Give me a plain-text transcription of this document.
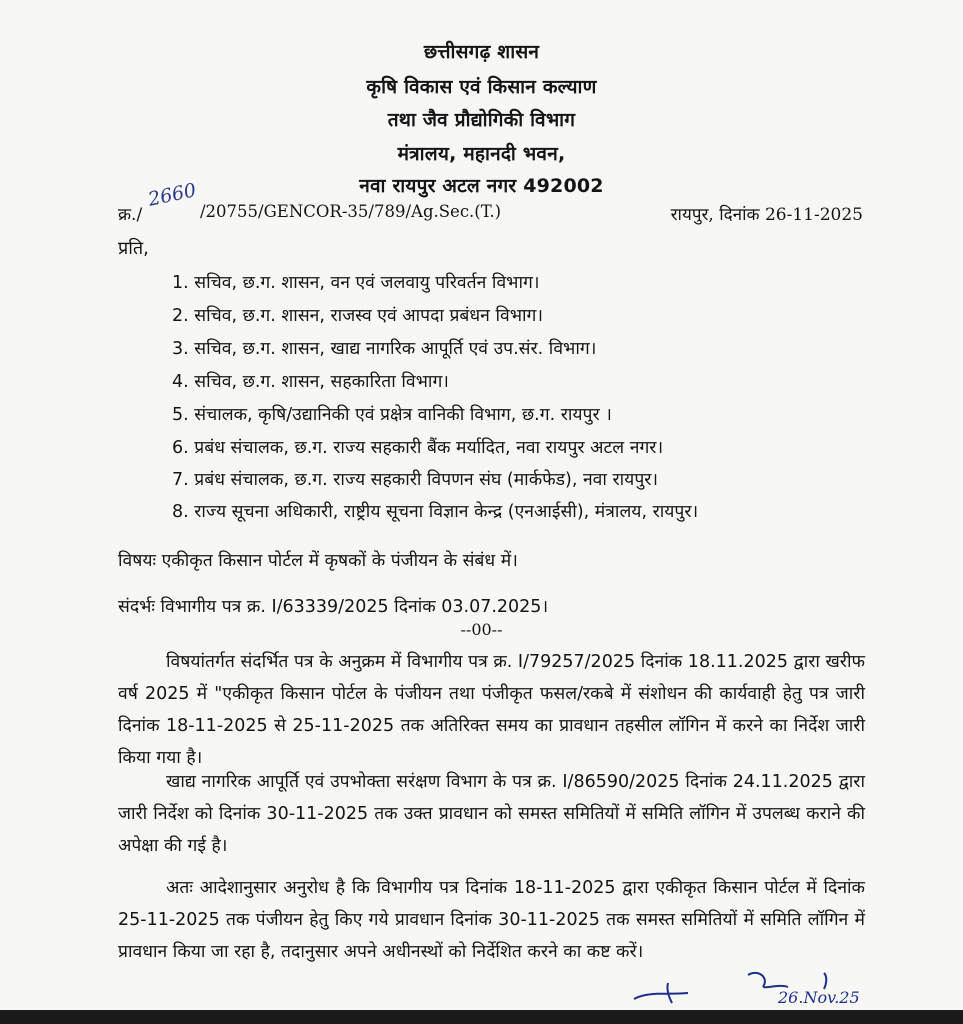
छत्तीसगढ़ शासन
कृषि विकास एवं किसान कल्याण
तथा जैव प्रौद्योगिकी विभाग
मंत्रालय, महानदी भवन,
नवा रायपुर अटल नगर 492002
क्र./
2660
/20755/GENCOR-35/789/Ag.Sec.(T.)	रायपुर, दिनांक 26-11-2025
प्रति,
1. सचिव, छ.ग. शासन, वन एवं जलवायु परिवर्तन विभाग।
2. सचिव, छ.ग. शासन, राजस्व एवं आपदा प्रबंधन विभाग।
3. सचिव, छ.ग. शासन, खाद्य नागरिक आपूर्ति एवं उप.संर. विभाग।
4. सचिव, छ.ग. शासन, सहकारिता विभाग।
5. संचालक, कृषि/उद्यानिकी एवं प्रक्षेत्र वानिकी विभाग, छ.ग. रायपुर ।
6. प्रबंध संचालक, छ.ग. राज्य सहकारी बैंक मर्यादित, नवा रायपुर अटल नगर।
7. प्रबंध संचालक, छ.ग. राज्य सहकारी विपणन संघ (मार्कफेड), नवा रायपुर।
8. राज्य सूचना अधिकारी, राष्ट्रीय सूचना विज्ञान केन्द्र (एनआईसी), मंत्रालय, रायपुर।
विषयः एकीकृत किसान पोर्टल में कृषकों के पंजीयन के संबंध में।
संदर्भः विभागीय पत्र क्र. I/63339/2025 दिनांक 03.07.2025।
--00--
विषयांतर्गत संदर्भित पत्र के अनुक्रम में विभागीय पत्र क्र. I/79257/2025 दिनांक 18.11.2025 द्वारा खरीफ वर्ष 2025 में "एकीकृत किसान पोर्टल के पंजीयन तथा पंजीकृत फसल/रकबे में संशोधन की कार्यवाही हेतु पत्र जारी दिनांक 18-11-2025 से 25-11-2025 तक अतिरिक्त समय का प्रावधान तहसील लॉगिन में करने का निर्देश जारी किया गया है।
खाद्य नागरिक आपूर्ति एवं उपभोक्ता सरंक्षण विभाग के पत्र क्र. I/86590/2025 दिनांक 24.11.2025 द्वारा जारी निर्देश को दिनांक 30-11-2025 तक उक्त प्रावधान को समस्त समितियों में समिति लॉगिन में उपलब्ध कराने की अपेक्षा की गई है।
अतः आदेशानुसार अनुरोध है कि विभागीय पत्र दिनांक 18-11-2025 द्वारा एकीकृत किसान पोर्टल में दिनांक 25-11-2025 तक पंजीयन हेतु किए गये प्रावधान दिनांक 30-11-2025 तक समस्त समितियों में समिति लॉगिन में प्रावधान किया जा रहा है, तदानुसार अपने अधीनस्थों को निर्देशित करने का कष्ट करें।
26.Nov.25
